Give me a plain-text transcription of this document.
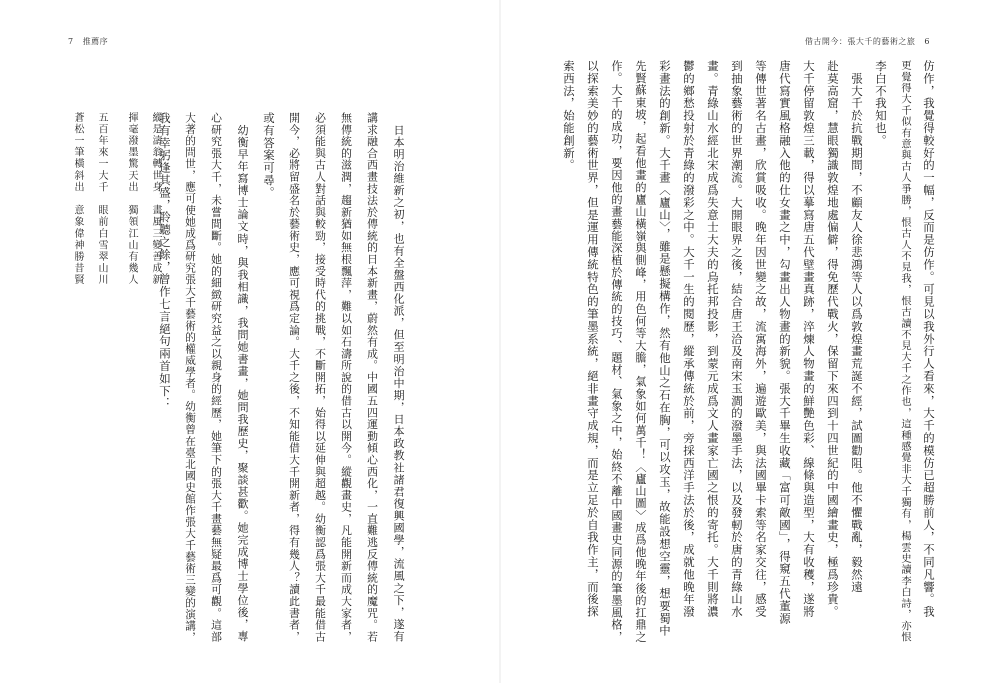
7 推薦序
　日本明治維新之初，也有全盤西化派，但至明治中期，日本政教社諸君復興國學，流風之下，遂有
講求融合西畫技法於傳統的日本新畫，蔚然有成。中國五四運動傾心西化，一直難逃反傳統的魔咒。若
無傳統的滋潤，趨新猶如無根飄萍，難以如石濤所說的借古以開今。縱觀畫史，凡能開新而成大家者，
必須能與古人對話與較勁，接受時代的挑戰，不斷開拓，始得以延伸與超越。幼衡認爲張大千最能借古
開今，必將留盛名於藝術史，應可視爲定論。大千之後，不知能借大千開新者，得有幾人？讀此書者，
或有答案可尋。
　幼衡早年寫博士論文時，與我相識，我問她書畫，她問我歷史，聚談甚歡。她完成博士學位後，專
心研究張大千，未嘗間斷。她的細緻研究益之以親身的經歷，她筆下的張大千畫藝無疑最爲可觀。這部
大著的問世，應可使她成爲研究張大千藝術的權威學者。幼衡曾在臺北國史館作張大千藝術三變的演講，
我有幸躬逢其盛，聆聽之餘，曾作七言絕句兩首如下：
縱是濤翁轉世身　畫風三變善成新
揮毫潑墨驚天出　獨領江山有幾人
五百年來一大千　眼前白雪翠山川
蒼松一筆橫斜出　意象偉神勝昔賢
借古開今：張大千的藝術之旅 6
仿作，我覺得較好的一幅，反而是仿作。可見以我外行人看來，大千的模仿已超勝前人，不同凡響。我
更覺得大千似有意與古人爭勝，恨古人不見我，恨古讀不見大千之作也，這種感覺非大千獨有，楊雲史讀李白詩，亦恨
李白不我知也。
　張大千於抗戰期間，不顧友人徐悲鴻等人以爲敦煌畫荒誕不經，試圖勸阻。他不懼戰亂，毅然遠
赴莫高窟，慧眼獨識敦煌地處偏僻，得免歷代戰火，保留下來四到十四世紀的中國繪畫史，極爲珍貴。
大千停留敦煌三載，得以摹寫唐五代壁畫真跡，淬煉人物畫的鮮艷色彩、線條與造型，大有收穫，遂將
唐代寫實風格融入他的仕女畫之中，勾畫出人物畫的新貌。張大千畢生收藏「富可敵國」，得窺五代董源
等傳世著名古畫，欣賞吸收。晚年因世變之故，流寓海外，遍遊歐美，與法國畢卡索等名家交往，感受
到抽象藝術的世界潮流。大開眼界之後，結合唐王洽及南宋玉澗的潑墨手法，以及發軔於唐的青綠山水
畫。青綠山水經北宋成爲失意士大夫的烏托邦投影，到蒙元成爲文人畫家亡國之恨的寄托。大千則將濃
鬱的鄉愁投射於青綠的潑彩之中。大千一生的閱歷，縱承傳統於前，旁採西洋手法於後，成就他晚年潑
彩畫法的創新。大千畫〈廬山〉，雖是懸擬構作，然有他山之石在胸，可以攻玉，故能設想空靈，想要蜀中
先賢蘇東坡，起看他畫的廬山橫嶺與側峰，用色何等大膽，氣象如何萬千！〈廬山圖〉成爲他晚年後的扛鼎之
作。大千的成功，要因他的畫藝能深植於傳統的技巧、題材、氣象之中，始終不離中國畫史同源的筆墨風格，
以探索美妙的藝術世界，但是運用傳統特色的筆墨系統，絕非畫守成規，而是立足於自我作主，而後探
索西法，始能創新。
